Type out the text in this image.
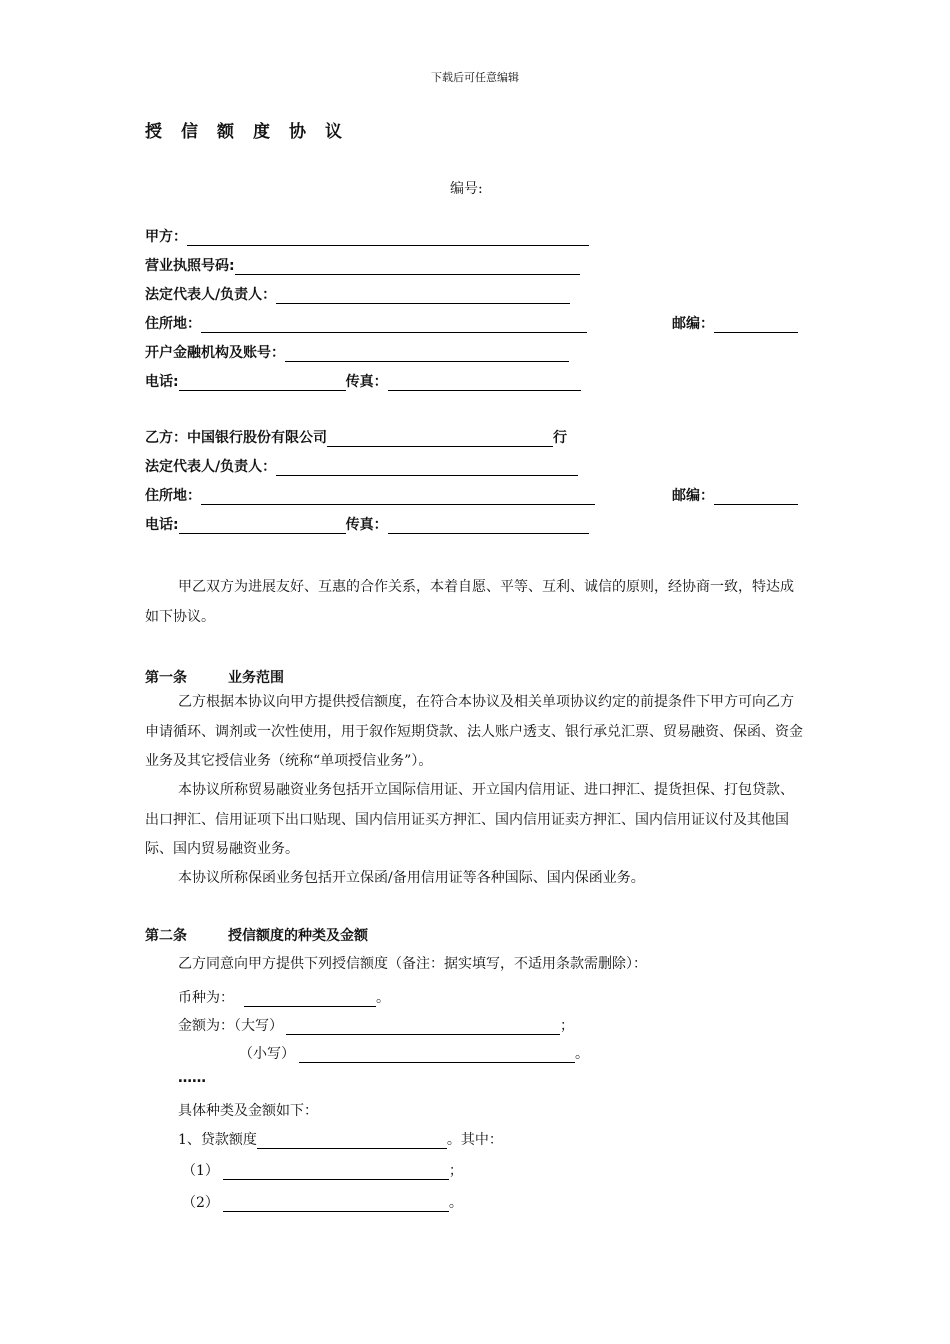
下载后可任意编辑
授信额度协议
编号:
甲方：
营业执照号码:
法定代表人/负责人：
住所地：	邮编：
开户金融机构及账号：
电话:	传真：
乙方：中国银行股份有限公司	行
法定代表人/负责人：
住所地：	邮编：
电话:	传真：
甲乙双方为进展友好、互惠的合作关系，本着自愿、平等、互利、诚信的原则，经协商一致，特达成如下协议。
第一条	业务范围
乙方根据本协议向甲方提供授信额度，在符合本协议及相关单项协议约定的前提条件下甲方可向乙方申请循环、调剂或一次性使用，用于叙作短期贷款、法人账户透支、银行承兑汇票、贸易融资、保函、资金业务及其它授信业务（统称“单项授信业务”）。
本协议所称贸易融资业务包括开立国际信用证、开立国内信用证、进口押汇、提货担保、打包贷款、出口押汇、信用证项下出口贴现、国内信用证买方押汇、国内信用证卖方押汇、国内信用证议付及其他国际、国内贸易融资业务。
本协议所称保函业务包括开立保函/备用信用证等各种国际、国内保函业务。
第二条	授信额度的种类及金额
乙方同意向甲方提供下列授信额度（备注：据实填写，不适用条款需删除）：
币种为：	。
金额为：（大写）	；
（小写）	。
……
具体种类及金额如下：
1、贷款额度	。其中：
（1）	；
（2）	。
